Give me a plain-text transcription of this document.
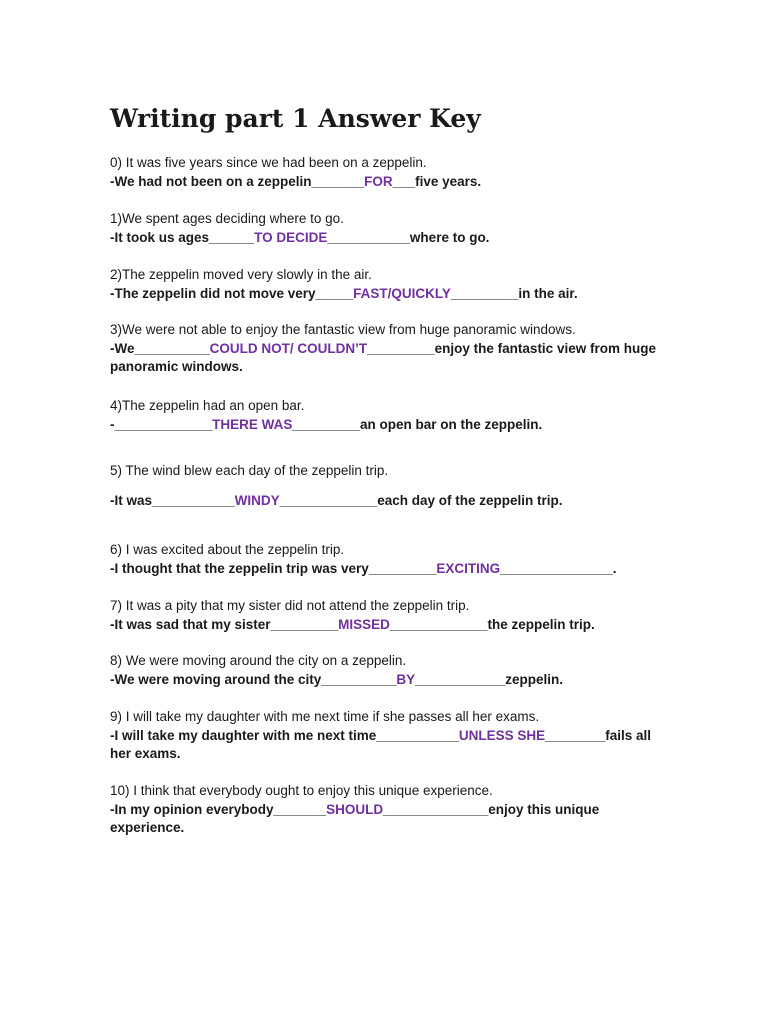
Writing part 1 Answer Key
0) It was five years since we had been on a zeppelin.
-We had not been on a zeppelin_______FOR___five years.
1)We spent ages deciding where to go.
-It took us ages______TO DECIDE___________where to go.
2)The zeppelin moved very slowly in the air.
-The zeppelin did not move very_____FAST/QUICKLY_________in the air.
3)We were not able to enjoy the fantastic view from huge panoramic windows.
-We__________COULD NOT/ COULDN’T_________enjoy the fantastic view from huge panoramic windows.
4)The zeppelin had an open bar.
-_____________THERE WAS_________an open bar on the zeppelin.
5) The wind blew each day of the zeppelin trip.
-It was___________WINDY_____________each day of the zeppelin trip.
6) I was excited about the zeppelin trip.
-I thought that the zeppelin trip was very_________EXCITING_______________.
7) It was a pity that my sister did not attend the zeppelin trip.
-It was sad that my sister_________MISSED_____________the zeppelin trip.
8) We were moving around the city on a zeppelin.
-We were moving around the city__________BY____________zeppelin.
9) I will take my daughter with me next time if she passes all her exams.
-I will take my daughter with me next time___________UNLESS SHE________fails all her exams.
10) I think that everybody ought to enjoy this unique experience.
-In my opinion everybody_______SHOULD______________enjoy this unique experience.
